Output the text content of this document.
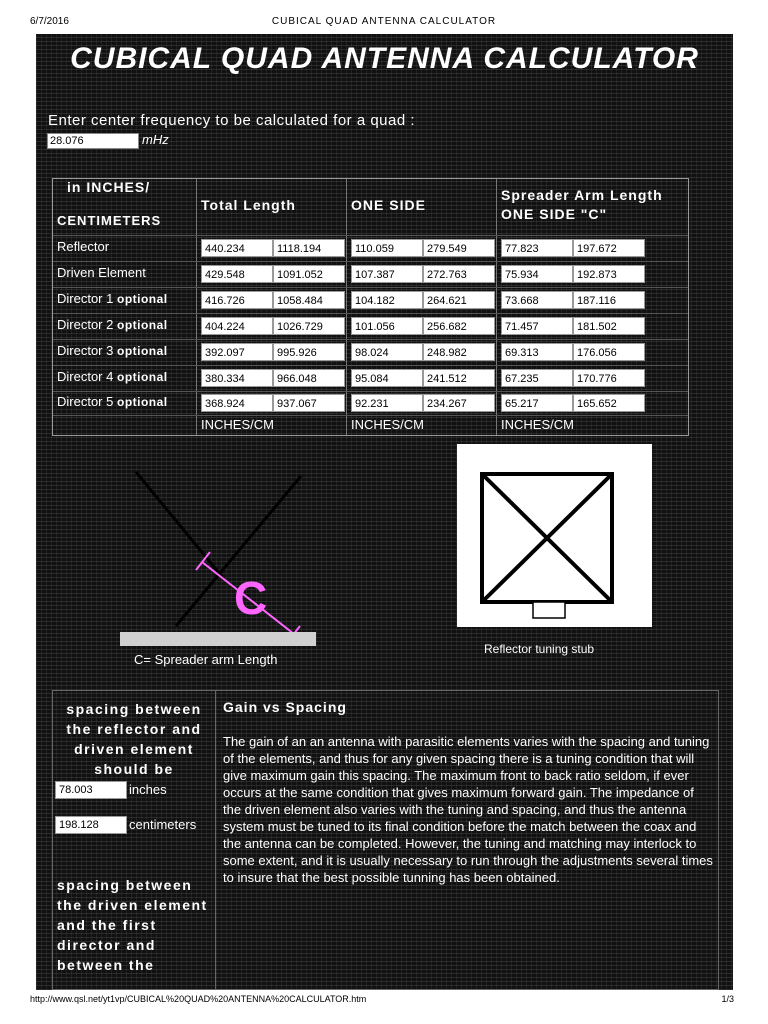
6/7/2016	CUBICAL QUAD ANTENNA CALCULATOR
CUBICAL QUAD ANTENNA CALCULATOR
Enter center frequency to be calculated for a quad :
28.076
mHz
in INCHES/
CENTIMETERS
Total Length	ONE SIDE
Spreader Arm Length
ONE SIDE "C"
Reflector	440.234	1118.194	110.059	279.549	77.823	197.672
Driven Element	429.548	1091.052	107.387	272.763	75.934	192.873
Director 1 optional	416.726	1058.484	104.182	264.621	73.668	187.116
Director 2 optional	404.224	1026.729	101.056	256.682	71.457	181.502
Director 3 optional	392.097	995.926	98.024	248.982	69.313	176.056
Director 4 optional	380.334	966.048	95.084	241.512	67.235	170.776
Director 5 optional	368.924	937.067	92.231	234.267	65.217	165.652
INCHES/CM	INCHES/CM	INCHES/CM
C
C= Spreader arm Length
Reflector tuning stub
spacing between the reflector and driven element should be
78.003
inches
198.128
centimeters
spacing between the driven element and the first director and between the
Gain vs Spacing
The gain of an an antenna with parasitic elements varies with the spacing and tuning of the elements, and thus for any given spacing there is a tuning condition that will give maximum gain this spacing. The maximum front to back ratio seldom, if ever occurs at the same condition that gives maximum forward gain. The impedance of the driven element also varies with the tuning and spacing, and thus the antenna system must be tuned to its final condition before the match between the coax and the antenna can be completed. However, the tuning and matching may interlock to some extent, and it is usually necessary to run through the adjustments several times to insure that the best possible tunning has been obtained.
http://www.qsl.net/yt1vp/CUBICAL%20QUAD%20ANTENNA%20CALCULATOR.htm	1/3
